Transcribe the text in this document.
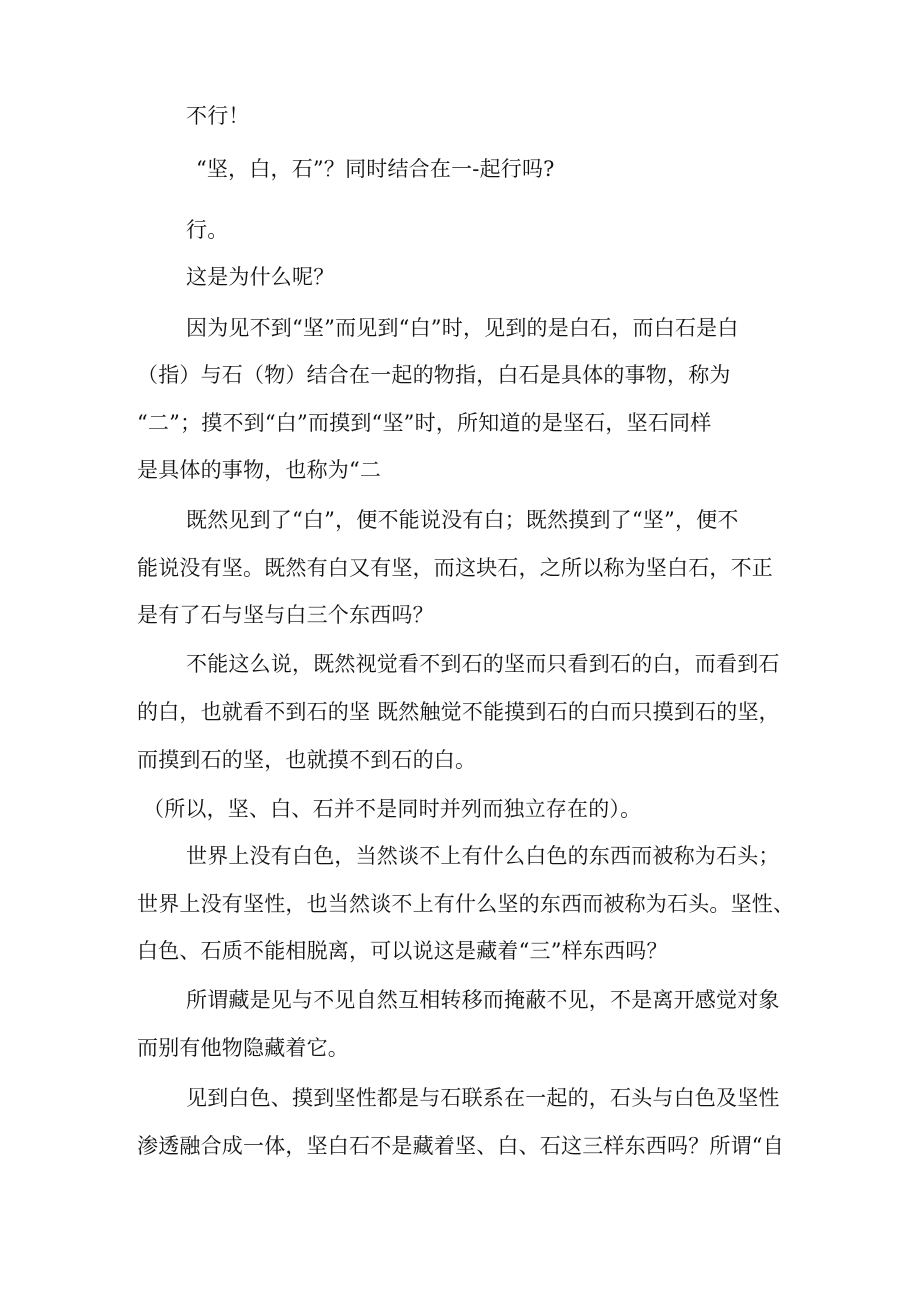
不行！
“坚，白，石”？同时结合在一-起行吗?
行。
这是为什么呢？
因为见不到“坚”而见到“白”时，见到的是白石，而白石是白
（指）与石（物）结合在一起的物指，白石是具体的事物，称为
“二”；摸不到“白”而摸到“坚”时，所知道的是坚石，坚石同样
是具体的事物，也称为“二
既然见到了“白”，便不能说没有白；既然摸到了“坚”，便不
能说没有坚。既然有白又有坚，而这块石，之所以称为坚白石，不正
是有了石与坚与白三个东西吗？
不能这么说，既然视觉看不到石的坚而只看到石的白，而看到石
的白，也就看不到石的坚 既然触觉不能摸到石的白而只摸到石的坚，
而摸到石的坚，也就摸不到石的白。
（所以，坚、白、石并不是同时并列而独立存在的）。
世界上没有白色，当然谈不上有什么白色的东西而被称为石头；
世界上没有坚性，也当然谈不上有什么坚的东西而被称为石头。坚性、
白色、石质不能相脱离，可以说这是藏着“三”样东西吗？
所谓藏是见与不见自然互相转移而掩蔽不见，不是离开感觉对象
而别有他物隐藏着它。
见到白色、摸到坚性都是与石联系在一起的，石头与白色及坚性
渗透融合成一体，坚白石不是藏着坚、白、石这三样东西吗？所谓“自
